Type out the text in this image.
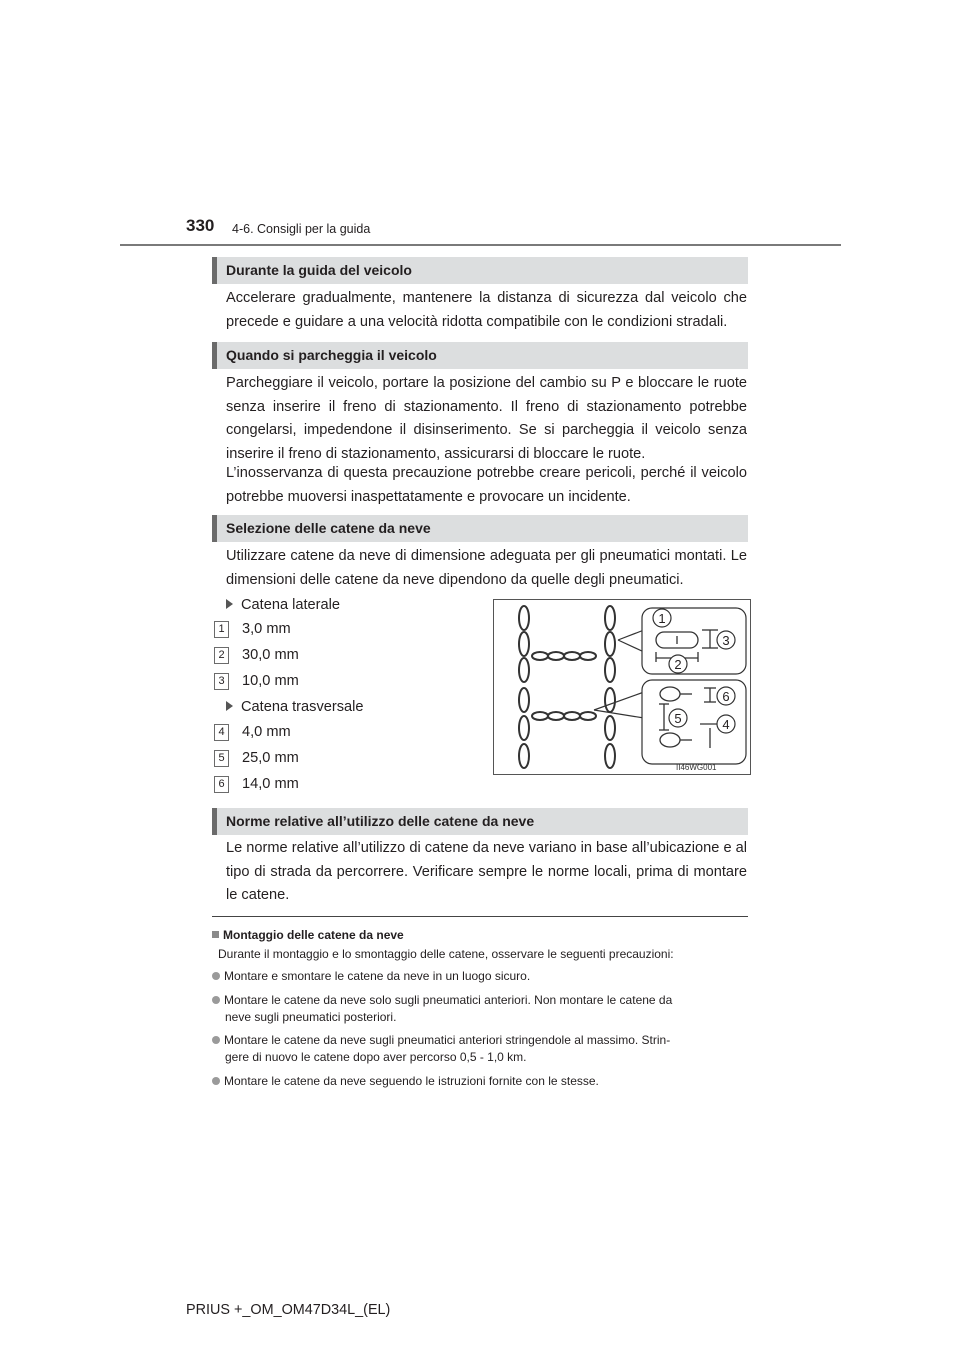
330 4-6. Consigli per la guida
Durante la guida del veicolo
Accelerare gradualmente, mantenere la distanza di sicurezza dal veicolo che precede e guidare a una velocità ridotta compatibile con le condizioni stradali.
Quando si parcheggia il veicolo
Parcheggiare il veicolo, portare la posizione del cambio su P e bloccare le ruote senza inserire il freno di stazionamento. Il freno di stazionamento potrebbe congelarsi, impedendone il disinserimento. Se si parcheggia il veicolo senza inserire il freno di stazionamento, assicurarsi di bloccare le ruote.
L’inosservanza di questa precauzione potrebbe creare pericoli, perché il veicolo potrebbe muoversi inaspettatamente e provocare un incidente.
Selezione delle catene da neve
Utilizzare catene da neve di dimensione adeguata per gli pneumatici montati. Le dimensioni delle catene da neve dipendono da quelle degli pneumatici.
Catena laterale
1	3,0 mm
2	30,0 mm
3	10,0 mm
Catena trasversale
4	4,0 mm
5	25,0 mm
6	14,0 mm
1
2
3
4
5
6
II46WG001
Norme relative all’utilizzo delle catene da neve
Le norme relative all’utilizzo di catene da neve variano in base all’ubicazione e al tipo di strada da percorrere. Verificare sempre le norme locali, prima di montare le catene.
Montaggio delle catene da neve
Durante il montaggio e lo smontaggio delle catene, osservare le seguenti precauzioni:
Montare e smontare le catene da neve in un luogo sicuro.
Montare le catene da neve solo sugli pneumatici anteriori. Non montare le catene da
neve sugli pneumatici posteriori.
Montare le catene da neve sugli pneumatici anteriori stringendole al massimo. Strin-
gere di nuovo le catene dopo aver percorso 0,5 - 1,0 km.
Montare le catene da neve seguendo le istruzioni fornite con le stesse.
PRIUS +_OM_OM47D34L_(EL)
